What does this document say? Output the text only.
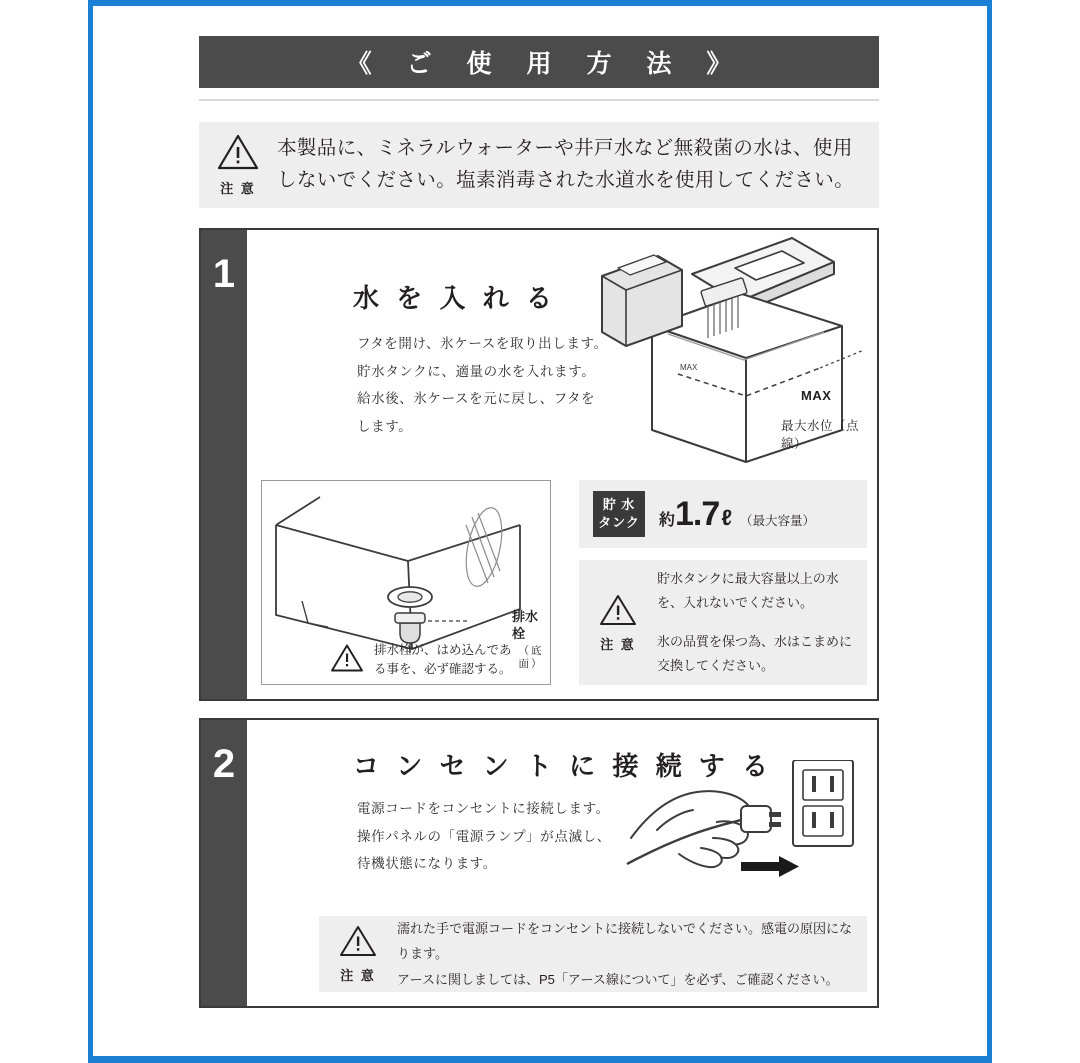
《 ご 使 用 方 法 》
注 意
本製品に、ミネラルウォーターや井戸水など無殺菌の水は、使用
しないでください。塩素消毒された水道水を使用してください。
1
水 を 入 れ る
フタを開け、氷ケースを取り出します。
貯水タンクに、適量の水を入れます。
給水後、氷ケースを元に戻し、フタを
します。
MAX
MAX
最大水位（点線）
排水栓
（底 面）
排水栓が、はめ込んであ
る事を、必ず確認する。
貯 水
タンク 約 1.7 ℓ （最大容量）
注 意

貯水タンクに最大容量以上の水
を、入れないでください。

氷の品質を保つ為、水はこまめに
交換してください。

2	コ ン セ ン ト に 接 続 す る
電源コードをコンセントに接続します。
操作パネルの「電源ランプ」が点滅し、
待機状態になります。
注 意

濡れた手で電源コードをコンセントに接続しないでください。感電の原因になります。

アースに関しましては、P5「アース線について」を必ず、ご確認ください。
